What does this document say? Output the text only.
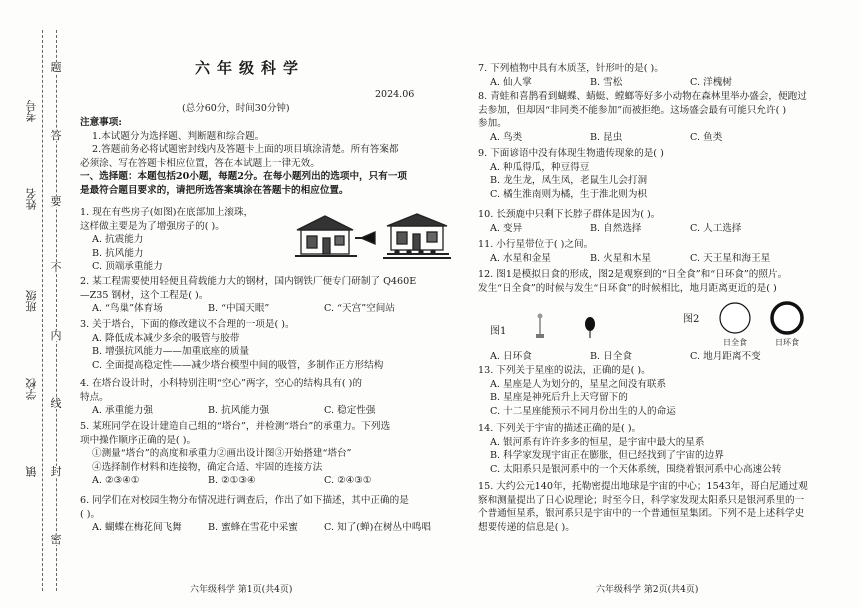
考号
姓名
班级
学校
镇
题
答
要
不
内
线
封
密
六年级科学
2024.06
(总分60分，时间30分钟)
注意事项:
1.本试题分为选择题、判断题和综合题。
2.答题前务必将试题密封线内及答题卡上面的项目填涂清楚。所有答案都
必须涂、写在答题卡相应位置，答在本试题上一律无效。
一、选择题：本题包括20小题，每题2分。在每小题列出的选项中，只有一项
是最符合题目要求的，请把所选答案填涂在答题卡的相应位置。
1. 现在有些房子(如图)在底部加上滚珠，
这样做主要是为了增强房子的( )。
A. 抗震能力
B. 抗风能力
C. 顶端承重能力
2. 某工程需要使用轻便且荷载能力大的钢材，国内钢铁厂便专门研制了 Q460E
—Z35 钢材，这个工程是( )。
A. “鸟巢”体育场	B. “中国天眼”	C. “天宫”空间站
3. 关于塔台，下面的修改建议不合理的一项是( )。
A. 降低成本减少多余的吸管与胶带
B. 增强抗风能力——加重底座的质量
C. 全面提高稳定性——减少塔台模型中间的吸管，多制作正方形结构
4. 在塔台设计时，小科特别注明“空心”两字，空心的结构具有( )的
特点。
A. 承重能力强	B. 抗风能力强	C. 稳定性强
5. 某班同学在设计建造自己组的“塔台”，并检测“塔台”的承重力。下列选
项中操作顺序正确的是( )。
①测量“塔台”的高度和承重力②画出设计图③开始搭建“塔台”
④选择制作材料和连接物，确定合适、牢固的连接方法
A. ②③④①	B. ②①③④	C. ②④③①
6. 同学们在对校园生物分布情况进行调查后，作出了如下描述，其中正确的是
( )。
A. 蝴蝶在梅花间飞舞	B. 蜜蜂在雪花中采蜜	C. 知了(蝉)在树丛中鸣唱
六年级科学 第1页(共4页)
7. 下列植物中具有木质茎，针形叶的是( )。
A. 仙人掌	B. 雪松	C. 洋槐树
8. 青蛙和喜鹊看到蝴蝶、蜻蜓、螳螂等好多小动物在森林里举办盛会，便跑过
去参加，但却因“非同类不能参加”而被拒绝。这场盛会最有可能只允许( )
参加。
A. 鸟类	B. 昆虫	C. 鱼类
9. 下面谚语中没有体现生物遗传现象的是( )
A. 种瓜得瓜，种豆得豆
B. 龙生龙，凤生凤，老鼠生儿会打洞
C. 橘生淮南则为橘，生于淮北则为枳
10. 长颈鹿中只剩下长脖子群体是因为( )。
A. 变异	B. 自然选择	C. 人工选择
11. 小行星带位于( )之间。
A. 水星和金星	B. 火星和木星	C. 天王星和海王星
12. 图1是模拟日食的形成，图2是观察到的“日全食”和“日环食”的照片。
发生“日全食”的时候与发生“日环食”的时候相比，地月距离更近的是( )
图1
图2
日全食	日环食
A. 日环食	B. 日全食	C. 地月距离不变
13. 下列关于星座的说法，正确的是( )。
A. 星座是人为划分的，星星之间没有联系
B. 星座是神死后升上天穹留下的
C. 十二星座能预示不同月份出生的人的命运
14. 下列关于宇宙的描述正确的是( )。
A. 银河系有许许多多的恒星，是宇宙中最大的星系
B. 科学家发现宇宙正在膨胀，但已经找到了宇宙的边界
C. 太阳系只是银河系中的一个天体系统，围绕着银河系中心高速公转
15. 大约公元140年，托勒密提出地球是宇宙的中心；1543年，哥白尼通过观
察和测量提出了日心说理论；时至今日，科学家发现太阳系只是银河系里的一
个普通恒星系，银河系只是宇宙中的一个普通恒星集团。下列不是上述科学史
想要传递的信息是( )。
六年级科学 第2页(共4页)
